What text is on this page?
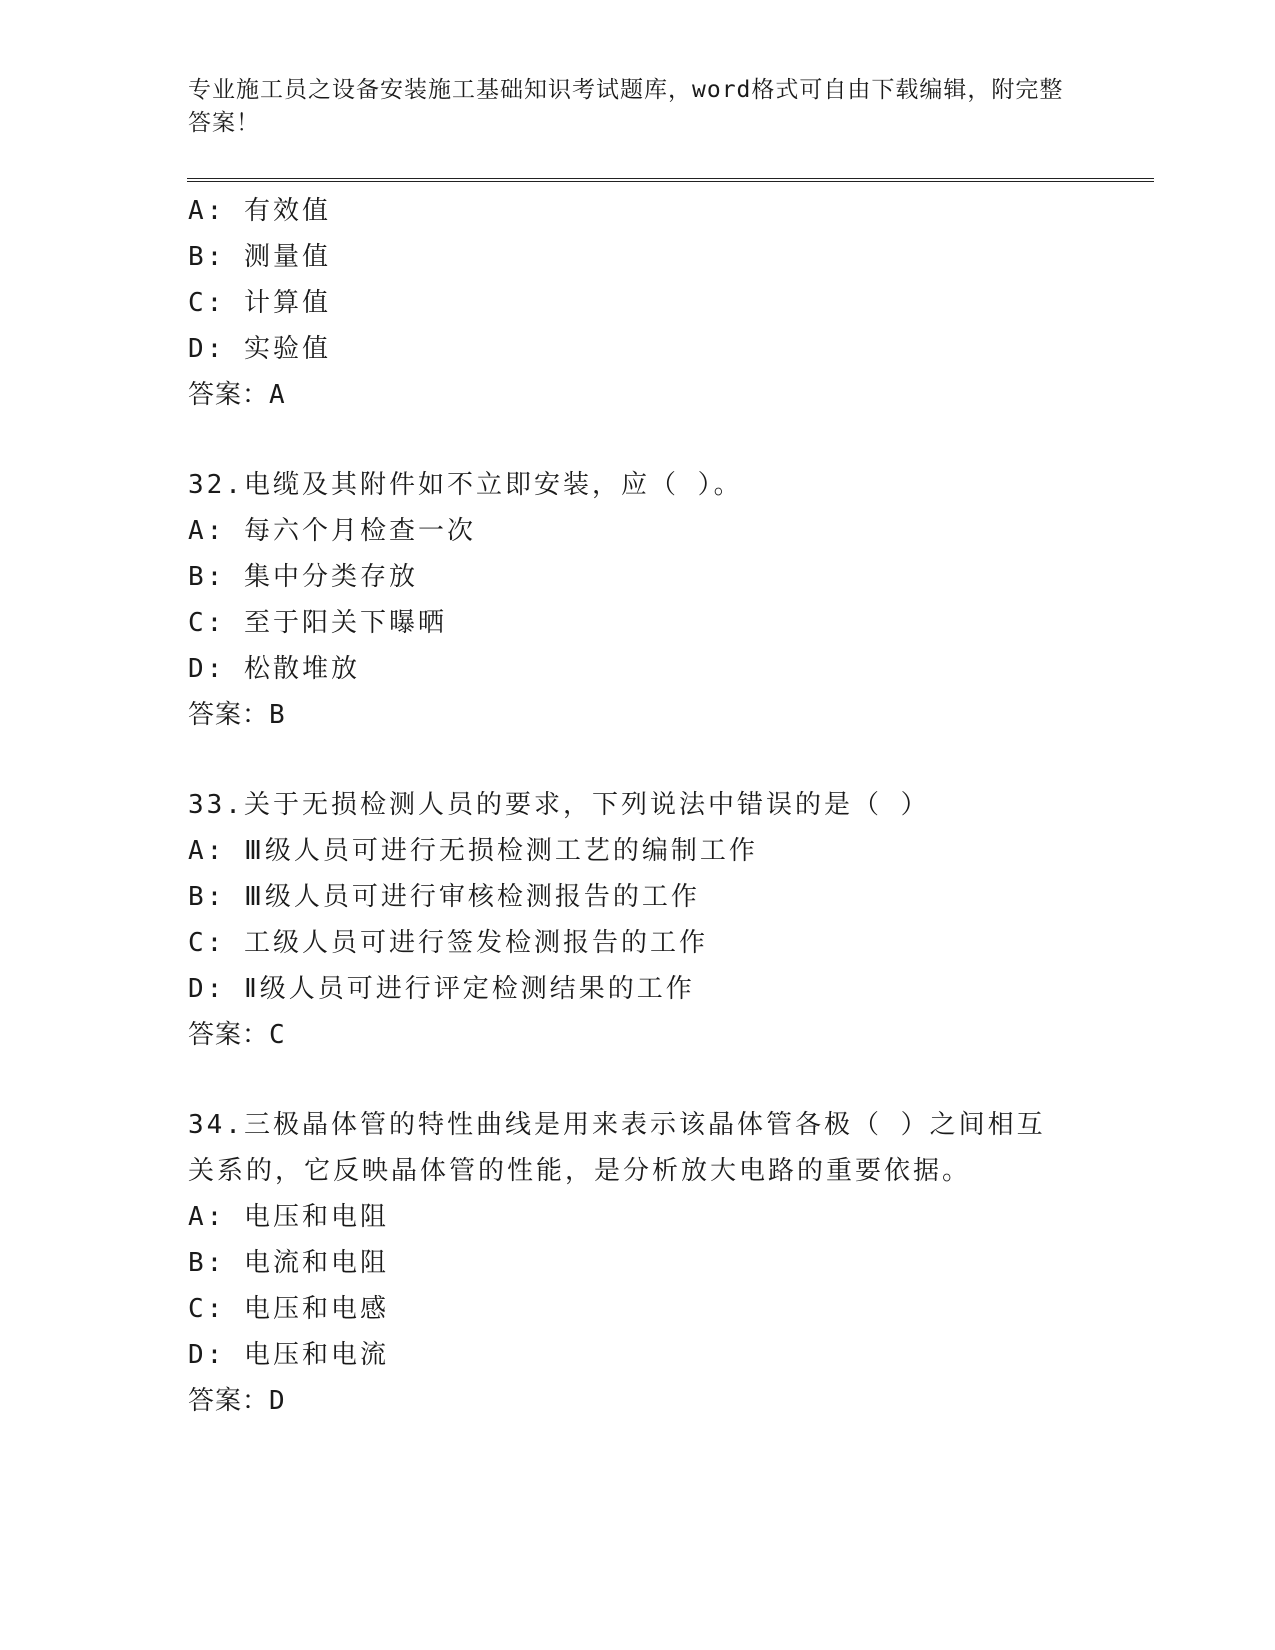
专业施工员之设备安装施工基础知识考试题库，word格式可自由下载编辑，附完整答案！
A: 有效值
B: 测量值
C: 计算值
D: 实验值
答案：A
32.电缆及其附件如不立即安装，应（ ）。
A: 每六个月检查一次
B: 集中分类存放
C: 至于阳关下曝晒
D: 松散堆放
答案：B
33.关于无损检测人员的要求，下列说法中错误的是（ ）
A: Ⅲ级人员可进行无损检测工艺的编制工作
B: Ⅲ级人员可进行审核检测报告的工作
C: 工级人员可进行签发检测报告的工作
D: Ⅱ级人员可进行评定检测结果的工作
答案：C
34.三极晶体管的特性曲线是用来表示该晶体管各极（ ）之间相互关系的，它反映晶体管的性能，是分析放大电路的重要依据。
A: 电压和电阻
B: 电流和电阻
C: 电压和电感
D: 电压和电流
答案：D
